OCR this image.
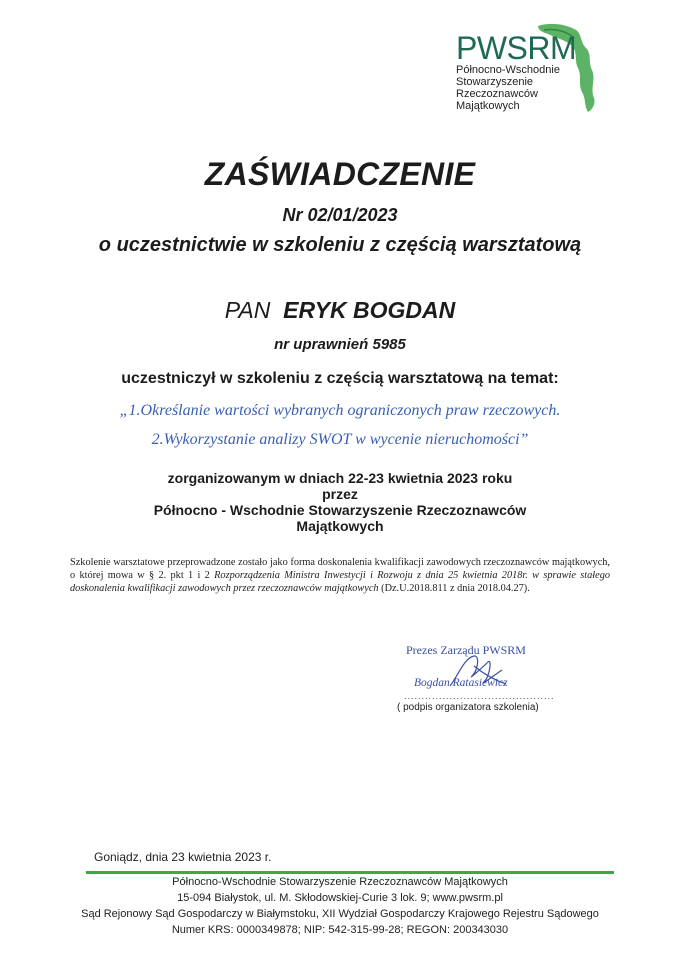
PWSRM
Północno-Wschodnie
Stowarzyszenie
Rzeczoznawców
Majątkowych
ZAŚWIADCZENIE
Nr 02/01/2023
o uczestnictwie w szkoleniu z częścią warsztatową
PAN ERYK BOGDAN
nr uprawnień 5985
uczestniczył w szkoleniu z częścią warsztatową na temat:
„1.Określanie wartości wybranych ograniczonych praw rzeczowych.
2.Wykorzystanie analizy SWOT w wycenie nieruchomości”
zorganizowanym w dniach 22-23 kwietnia 2023 roku
przez
Północno - Wschodnie Stowarzyszenie Rzeczoznawców
Majątkowych
Szkolenie warsztatowe przeprowadzone zostało jako forma doskonalenia kwalifikacji zawodowych rzeczoznawców majątkowych, o której mowa w § 2. pkt 1 i 2 Rozporządzenia Ministra Inwestycji i Rozwoju z dnia 25 kwietnia 2018r. w sprawie stałego doskonalenia kwalifikacji zawodowych przez rzeczoznawców majątkowych (Dz.U.2018.811 z dnia 2018.04.27).
Prezes Zarządu PWSRM
Bogdan Ratasiewicz
...........................................
( podpis organizatora szkolenia)
Goniądz, dnia 23 kwietnia 2023 r.
Północno-Wschodnie Stowarzyszenie Rzeczoznawców Majątkowych
15-094 Białystok, ul. M. Skłodowskiej-Curie 3 lok. 9; www.pwsrm.pl
Sąd Rejonowy Sąd Gospodarczy w Białymstoku, XII Wydział Gospodarczy Krajowego Rejestru Sądowego
Numer KRS: 0000349878; NIP: 542-315-99-28; REGON: 200343030
